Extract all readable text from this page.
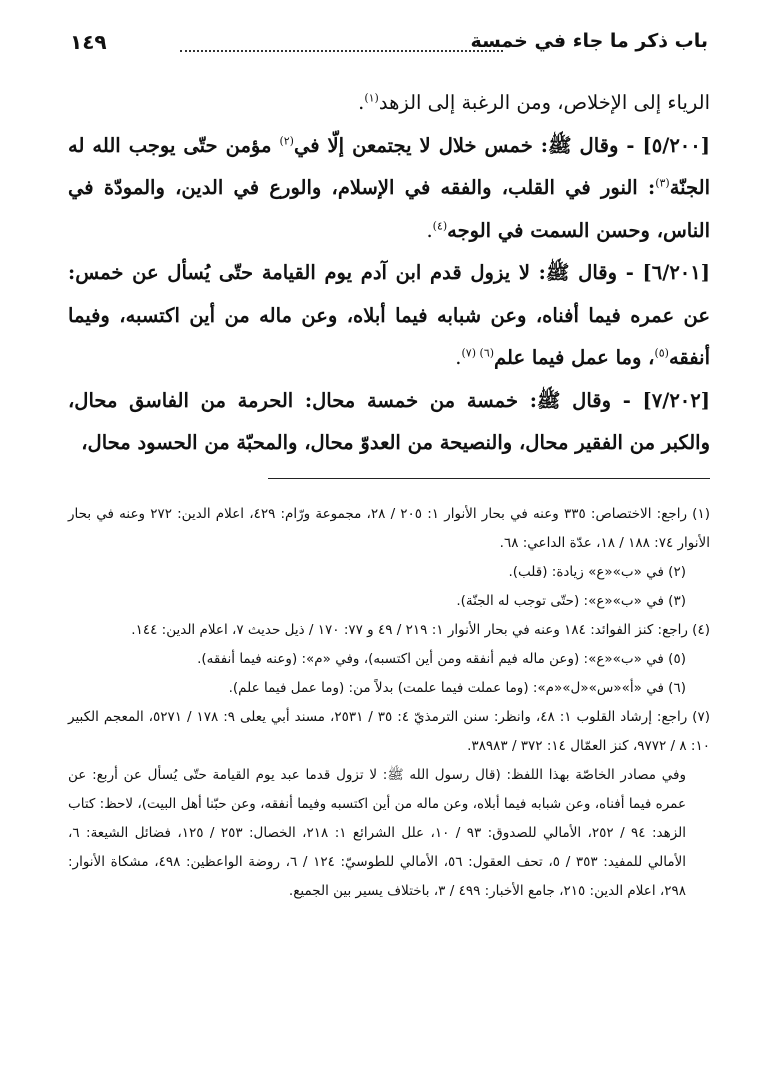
باب ذكر ما جاء في خمسة
١٤٩

الرياء إلى الإخلاص، ومن الرغبة إلى الزهد$^{(١)}$.

[٥/٢٠٠] - وقال ﷺ: خمس خلال لا يجتمعن إلّا في$^{(٢)}$ مؤمن حتّى يوجب الله له الجنّة$^{(٣)}$: النور في القلب، والفقه في الإسلام، والورع في الدين، والمودّة في الناس، وحسن السمت في الوجه$^{(٤)}$.

[٦/٢٠١] - وقال ﷺ: لا يزول قدم ابن آدم يوم القيامة حتّى يُسأل عن خمس: عن عمره فيما أفناه، وعن شبابه فيما أبلاه، وعن ماله من أين اكتسبه، وفيما أنفقه$^{(٥)}$، وما عمل فيما علم$^{(٦) (٧)}$.

[٧/٢٠٢] - وقال ﷺ: خمسة من خمسة محال: الحرمة من الفاسق محال، والكبر من الفقير محال، والنصيحة من العدوّ محال، والمحبّة من الحسود محال،

(١) راجع: الاختصاص: ٣٣٥ وعنه في بحار الأنوار ١: ٢٠٥ / ٢٨، مجموعة ورّام: ٤٢٩، اعلام الدين: ٢٧٢ وعنه في بحار الأنوار ٧٤: ١٨٨ / ١٨، عدّة الداعي: ٦٨.

(٢) في «ب»«ع» زيادة: (قلب).

(٣) في «ب»«ع»: (حتّى توجب له الجنّة).

(٤) راجع: كنز الفوائد: ١٨٤ وعنه في بحار الأنوار ١: ٢١٩ / ٤٩ و ٧٧: ١٧٠ / ذيل حديث ٧، اعلام الدين: ١٤٤.

(٥) في «ب»«ع»: (وعن ماله فيم أنفقه ومن أين اكتسبه)، وفي «م»: (وعنه فيما أنفقه).

(٦) في «أ»«س»«ل»«م»: (وما عملت فيما علمت) بدلاً من: (وما عمل فيما علم).

(٧) راجع: إرشاد القلوب ١: ٤٨، وانظر: سنن الترمذيّ ٤: ٣٥ / ٢٥٣١، مسند أبي يعلى ٩: ١٧٨ / ٥٢٧١، المعجم الكبير ١٠: ٨ / ٩٧٧٢، كنز العمّال ١٤: ٣٧٢ / ٣٨٩٨٣.

وفي مصادر الخاصّة بهذا اللفظ: (قال رسول الله ﷺ: لا تزول قدما عبد يوم القيامة حتّى يُسأل عن أربع: عن عمره فيما أفناه، وعن شبابه فيما أبلاه، وعن ماله من أين اكتسبه وفيما أنفقه، وعن حبّنا أهل البيت)، لاحظ: كتاب الزهد: ٩٤ / ٢٥٢، الأمالي للصدوق: ٩٣ / ١٠، علل الشرائع ١: ٢١٨، الخصال: ٢٥٣ / ١٢٥، فضائل الشيعة: ٦، الأمالي للمفيد: ٣٥٣ / ٥، تحف العقول: ٥٦، الأمالي للطوسيّ: ١٢٤ / ٦، روضة الواعظين: ٤٩٨، مشكاة الأنوار: ٢٩٨، اعلام الدين: ٢١٥، جامع الأخبار: ٤٩٩ / ٣، باختلاف يسير بين الجميع.
